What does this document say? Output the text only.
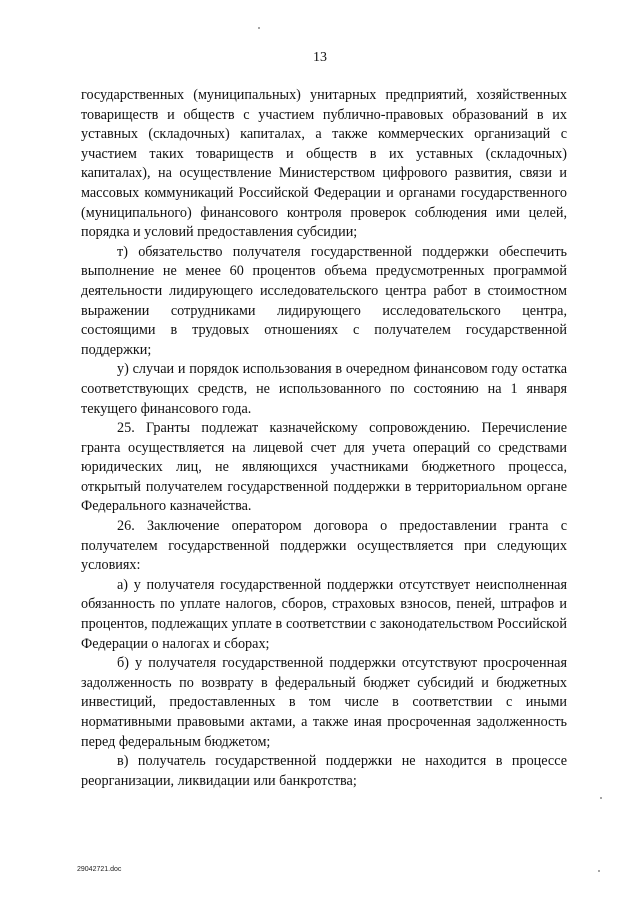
13

государственных (муниципальных) унитарных предприятий, хозяйственных товариществ и обществ с участием публично-правовых образований в их уставных (складочных) капиталах, а также коммерческих организаций с участием таких товариществ и обществ в их уставных (складочных) капиталах), на осуществление Министерством цифрового развития, связи и массовых коммуникаций Российской Федерации и органами государственного (муниципального) финансового контроля проверок соблюдения ими целей, порядка и условий предоставления субсидии;

т) обязательство получателя государственной поддержки обеспечить выполнение не менее 60 процентов объема предусмотренных программой деятельности лидирующего исследовательского центра работ в стоимостном выражении сотрудниками лидирующего исследовательского центра, состоящими в трудовых отношениях с получателем государственной поддержки;

у) случаи и порядок использования в очередном финансовом году остатка соответствующих средств, не использованного по состоянию на 1 января текущего финансового года.

25. Гранты подлежат казначейскому сопровождению. Перечисление гранта осуществляется на лицевой счет для учета операций со средствами юридических лиц, не являющихся участниками бюджетного процесса, открытый получателем государственной поддержки в территориальном органе Федерального казначейства.

26. Заключение оператором договора о предоставлении гранта с получателем государственной поддержки осуществляется при следующих условиях:

а) у получателя государственной поддержки отсутствует неисполненная обязанность по уплате налогов, сборов, страховых взносов, пеней, штрафов и процентов, подлежащих уплате в соответствии с законодательством Российской Федерации о налогах и сборах;

б) у получателя государственной поддержки отсутствуют просроченная задолженность по возврату в федеральный бюджет субсидий и бюджетных инвестиций, предоставленных в том числе в соответствии с иными нормативными правовыми актами, а также иная просроченная задолженность перед федеральным бюджетом;

в) получатель государственной поддержки не находится в процессе реорганизации, ликвидации или банкротства;

29042721.doc
